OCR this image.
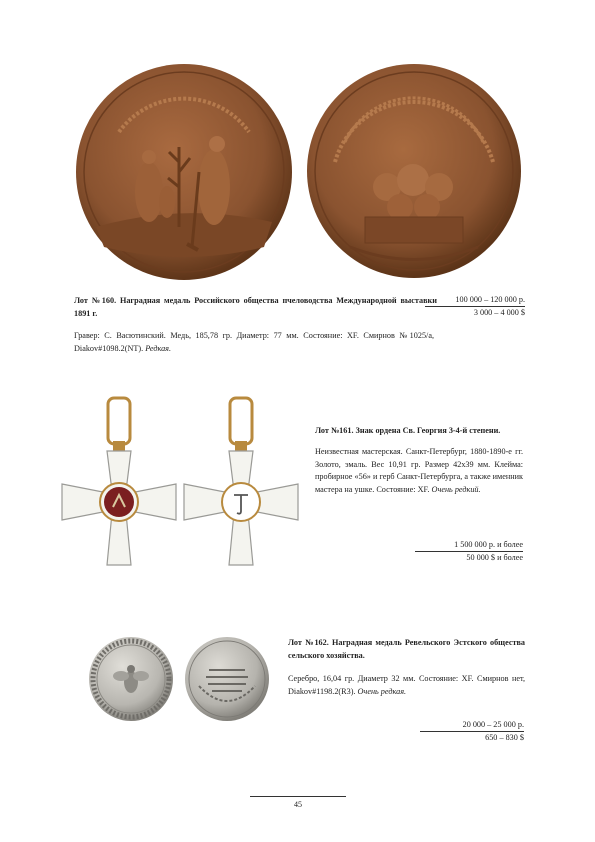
Лот №160. Наградная медаль Российского общества пчеловодства Международной выставки 1891 г.
100 000 – 120 000 р.
3 000 – 4 000 $
Гравер: С. Васютинский. Медь, 185,78 гр. Диаметр: 77 мм. Состояние: XF. Смирнов №1025/а, Diakov#1098.2(NT). Редкая.
Лот №161. Знак ордена Св. Георгия 3-4-й степени.
Неизвестная мастерская. Санкт-Петербург, 1880-1890-е гг. Золото, эмаль. Вес 10,91 гр. Размер 42х39 мм. Клейма: пробирное «56» и герб Санкт-Петербурга, а также именник мастера на ушке. Состояние: XF. Очень редкий.
1 500 000 р. и более
50 000 $ и более
Лот №162. Наградная медаль Ревельского Эстского общества сельского хозяйства.
Серебро, 16,04 гр. Диаметр 32 мм. Состояние: XF. Смирнов нет, Diakov#1198.2(R3). Очень редкая.
20 000 – 25 000 р.
650 – 830 $
45
